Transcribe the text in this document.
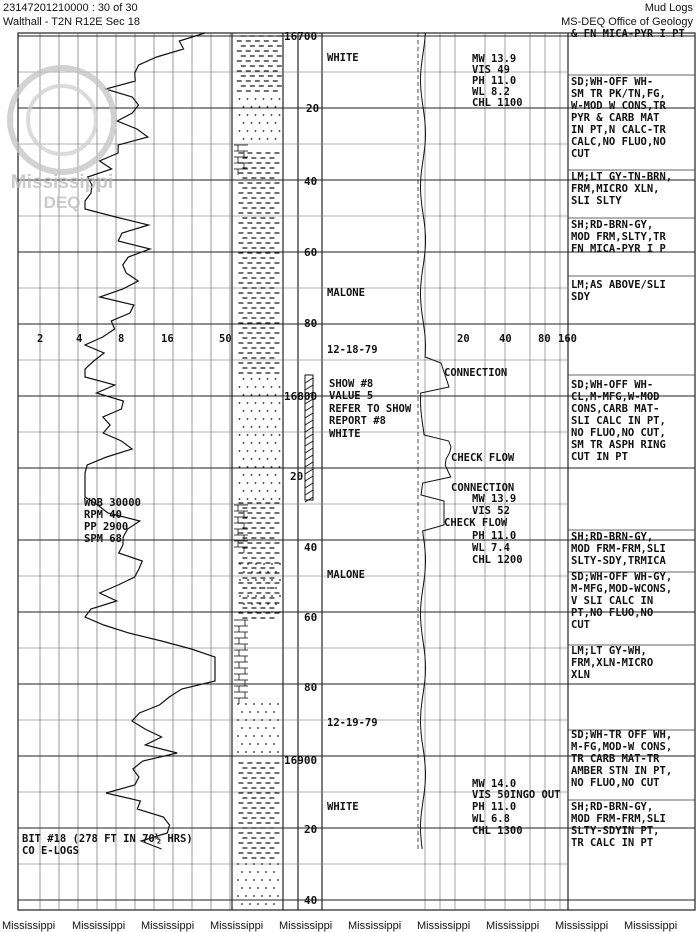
23147201210000 : 30 of 30
Walthall - T2N R12E Sec 18
Mud Logs
MS-DEQ Office of Geology
Mississippi
DEQ
2	4	8	16	50	20	40	80 160
16700
20
40
60
80
16800
20
40
60
80
16900
20
40
WHITE
MALONE
12-18-79
SHOW #8
VALUE 5
REFER TO SHOW
REPORT #8
WHITE
CONNECTION
CHECK FLOW
CONNECTION
CHECK FLOW
MALONE
12-19-79
WHITE
WOB 30000
RPM 40
PP 2900
SPM 68
BIT #18 (278 FT IN 70½ HRS)
CO E-LOGS
MW 13.9
VIS 49
PH 11.0
WL 8.2
CHL 1100
MW 13.9
VIS 52
PH 11.0
WL 7.4
CHL 1200
MW 14.0
VIS 50INGO OUT
PH 11.0
WL 6.8
CHL 1300
& FN MICA-PYR I PT
SD;WH-OFF WH-
SM TR PK/TN,FG,
W-MOD W CONS,TR
PYR & CARB MAT
IN PT,N CALC-TR
CALC,NO FLUO,NO
CUT
LM;LT GY-TN-BRN,
FRM,MICRO XLN,
SLI SLTY
SH;RD-BRN-GY,
MOD FRM,SLTY,TR
FN MICA-PYR I P
LM;AS ABOVE/SLI
SDY
SD;WH-OFF WH-
CL,M-MFG,W-MOD
CONS,CARB MAT-
SLI CALC IN PT,
NO FLUO,NO CUT,
SM TR ASPH RING
CUT IN PT
SH;RD-BRN-GY,
MOD FRM-FRM,SLI
SLTY-SDY,TRMICA
SD;WH-OFF WH-GY,
M-MFG,MOD-WCONS,
V SLI CALC IN
PT,NO FLUO,NO
CUT
LM;LT GY-WH,
FRM,XLN-MICRO
XLN
SD;WH-TR OFF WH,
M-FG,MOD-W CONS,
TR CARB MAT-TR
AMBER STN IN PT,
NO FLUO,NO CUT
SH;RD-BRN-GY,
MOD FRM-FRM,SLI
SLTY-SDYIN PT,
TR CALC IN PT
Mississippi Mississippi Mississippi Mississippi Mississippi Mississippi Mississippi Mississippi Mississippi Mississippi
